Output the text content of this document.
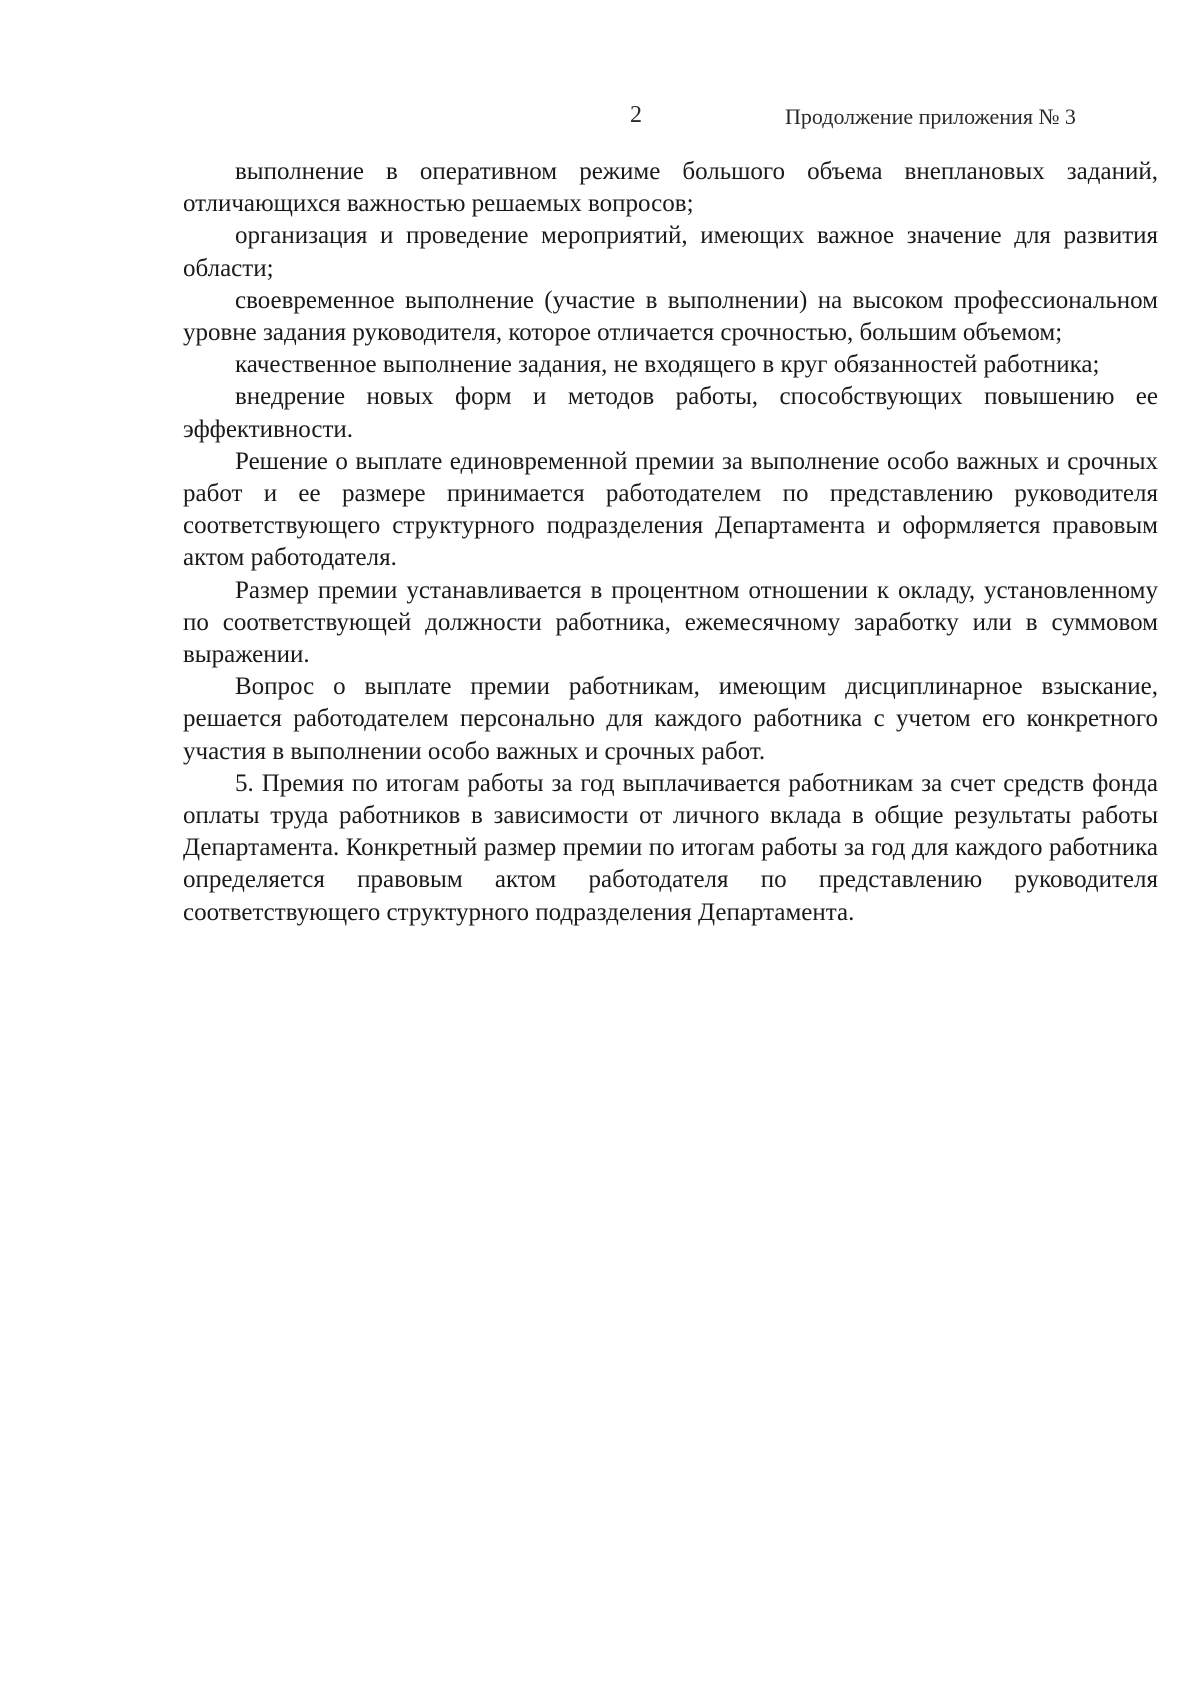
2	Продолжение приложения № 3

выполнение в оперативном режиме большого объема внеплановых заданий, отличающихся важностью решаемых вопросов;

организация и проведение мероприятий, имеющих важное значение для развития области;

своевременное выполнение (участие в выполнении) на высоком профессиональном уровне задания руководителя, которое отличается срочностью, большим объемом;

качественное выполнение задания, не входящего в круг обязанностей работника;

внедрение новых форм и методов работы, способствующих повышению ее эффективности.

Решение о выплате единовременной премии за выполнение особо важных и срочных работ и ее размере принимается работодателем по представлению руководителя соответствующего структурного подразделения Департамента и оформляется правовым актом работодателя.

Размер премии устанавливается в процентном отношении к окладу, установленному по соответствующей должности работника, ежемесячному заработку или в суммовом выражении.

Вопрос о выплате премии работникам, имеющим дисциплинарное взыскание, решается работодателем персонально для каждого работника с учетом его конкретного участия в выполнении особо важных и срочных работ.

5. Премия по итогам работы за год выплачивается работникам за счет средств фонда оплаты труда работников в зависимости от личного вклада в общие результаты работы Департамента. Конкретный размер премии по итогам работы за год для каждого работника определяется правовым актом работодателя по представлению руководителя соответствующего структурного подразделения Департамента.
